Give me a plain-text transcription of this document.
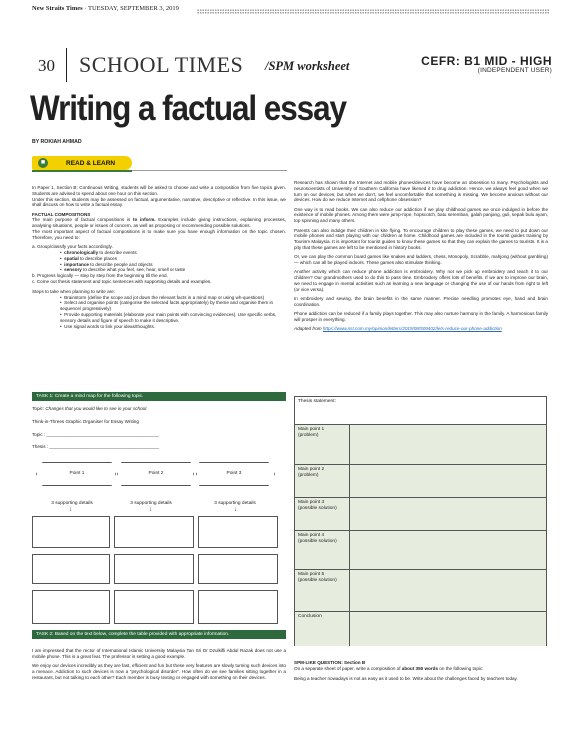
New Straits Times · TUESDAY, SEPTEMBER 3, 2019
30 SCHOOL TIMES /SPM worksheet	CEFR: B1 MID - HIGH
(INDEPENDENT USER)
Writing a factual essay
BY ROKIAH AHMAD
■	READ & LEARN

In Paper 1, Section B: Continuous Writing, students will be asked to choose and write a composition from five topics given. Students are advised to spend about one hour on this section.
Under this section, students may be assessed on factual, argumentative, narrative, descriptive or reflective. In this issue, we shall discuss on how to write a factual essay.

FACTUAL COMPOSITIONS

The main purpose of factual compositions is to inform. Examples include giving instructions, explaining processes, analysing situations, people or issues of concern, as well as proposing or recommending possible solutions.

The most important aspect of factual compositions is to make sure you have enough information on the topic chosen. Therefore, you need to:

a. Group/classify your facts accordingly.
•  chronologically to describe events
•  spatial to describe places
•  importance to describe people and objects
•  sensory to describe what you feel, see, hear, smell or taste
b. Progress logically — step by step from the beginning till the end.
c. Come out thesis statement and topic sentences with supporting details and examples.
Steps to take when planning to write are:
•  Brainstorm (define the scope and jot down the relevant facts in a mind map or using wh-questions)
•  Select and organise points (categorise the selected facts appropriately) by theme and organise them in sequence/ progressively)
•  Provide supporting materials (elaborate your main points with convincing evidences). Use specific verbs, sensory details and figure of speech to make it descriptive.
•  Use signal words to link your ideas/thoughts.

Research has shown that the Internet and mobile phones/devices have become an obsession to many. Psychologists and neuroscientists of University of Southern California have likened it to drug addiction. Hence, we always feel good when we turn on our devices, but when we don’t, we feel uncomfortable that something is missing. We become anxious without our devices. How do we reduce Internet and cellphone obsession?

One way is to read books. We can also reduce our addiction if we play childhood games we once indulged in before the existence of mobile phones. Among them were jump-rope, hopscotch, batu seremban, galah panjang, guli, sepak bulu ayam, top spinning and many others.

Parents can also indulge their children in kite flying. To encourage children to play these games, we need to put down our mobile phones and start playing with our children at home. Childhood games are included in the tourist guides training by Tourism Malaysia. It is important for tourist guides to know these games so that they can explain the games to tourists. It is a pity that these games are left to be mentioned in history books.

Or, we can play the common board games like snakes and ladders, chess, Monopoly, Scrabble, mahjong (without gambling) — which can all be played indoors. These games also stimulate thinking.

Another activity which can reduce phone addiction is embroidery. Why not we pick up embroidery and teach it to our children? Our grandmothers used to do this to pass time. Embroidery offers lots of benefits. If we are to improve our brain, we need to engage in mental activities such as learning a new language or changing the use of our hands from right to left (or vice versa).

In embroidery and sewing, the brain benefits in the same manner. Precise needling promotes eye, hand and brain coordination.

Phone addiction can be reduced if a family plays together. This may also nurture harmony in the family. A harmonious family will prosper in everything.

Adapted from https://www.nst.com.my/opinion/letters/2019/08/509402/lets-reduce-our-phone-addiction

TASK 1: Create a mind map for the following topic.
Topic: Changes that you would like to see in your school.
Think-in-Threes Graphic Organiser for Essay Writing
Topic : ____________________________________________
Thesis : ___________________________________________
Point 1	Point 2	Point 3
3 supporting details	3 supporting details	3 supporting details
↓	↓	↓
TASK 2: Based on the text below, complete the table provided with appropriate information.

I am impressed that the rector of International Islamic University Malaysia Tan Sri Dr Dzulkifli Abdul Razak does not use a mobile phone. This is a great feat. The professor is setting a good example.

We enjoy our devices incredibly as they are fast, efficient and fun but these very features are slowly turning such devices into a menace. Addiction to such devices is now a “psychological disorder”. How often do we see families sitting together in a restaurant, but not talking to each other? Each member is busy texting or engaged with something on their devices.

Thesis statement:
Main point 1
(problem)
Main point 2
(problem)
Main point 3
(possible solution)
Main point 4
(possible solution)
Main point 5
(possible solution)
Conclusion
SPM-LIKE QUESTION: Section B

On a separate sheet of paper, write a composition of about 350 words on the following topic:

Being a teacher nowadays is not as easy as it used to be. Write about the challenges faced by teachers today.
